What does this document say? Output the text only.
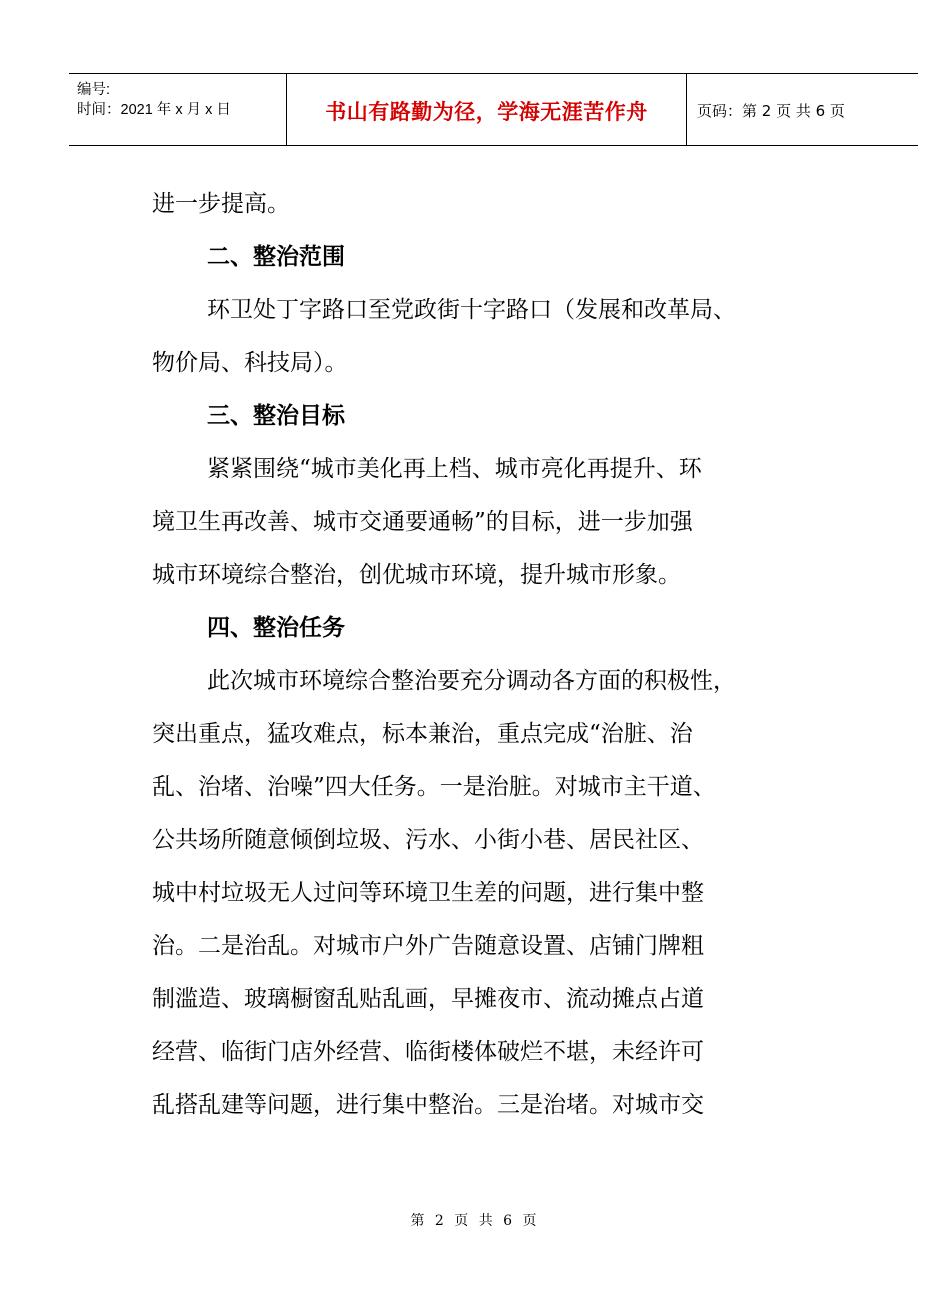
编号:
时间：2021 年 x 月 x 日	书山有路勤为径，学海无涯苦作舟	页码：第 2 页 共 6 页
进一步提高。
二、整治范围
环卫处丁字路口至党政街十字路口（发展和改革局、
物价局、科技局）。
三、整治目标
紧紧围绕“城市美化再上档、城市亮化再提升、环
境卫生再改善、城市交通要通畅”的目标，进一步加强
城市环境综合整治，创优城市环境，提升城市形象。
四、整治任务
此次城市环境综合整治要充分调动各方面的积极性，
突出重点，猛攻难点，标本兼治，重点完成“治脏、治
乱、治堵、治噪”四大任务。一是治脏。对城市主干道、
公共场所随意倾倒垃圾、污水、小街小巷、居民社区、
城中村垃圾无人过问等环境卫生差的问题，进行集中整
治。二是治乱。对城市户外广告随意设置、店铺门牌粗
制滥造、玻璃橱窗乱贴乱画，早摊夜市、流动摊点占道
经营、临街门店外经营、临街楼体破烂不堪，未经许可
乱搭乱建等问题，进行集中整治。三是治堵。对城市交
第 2 页 共 6 页
